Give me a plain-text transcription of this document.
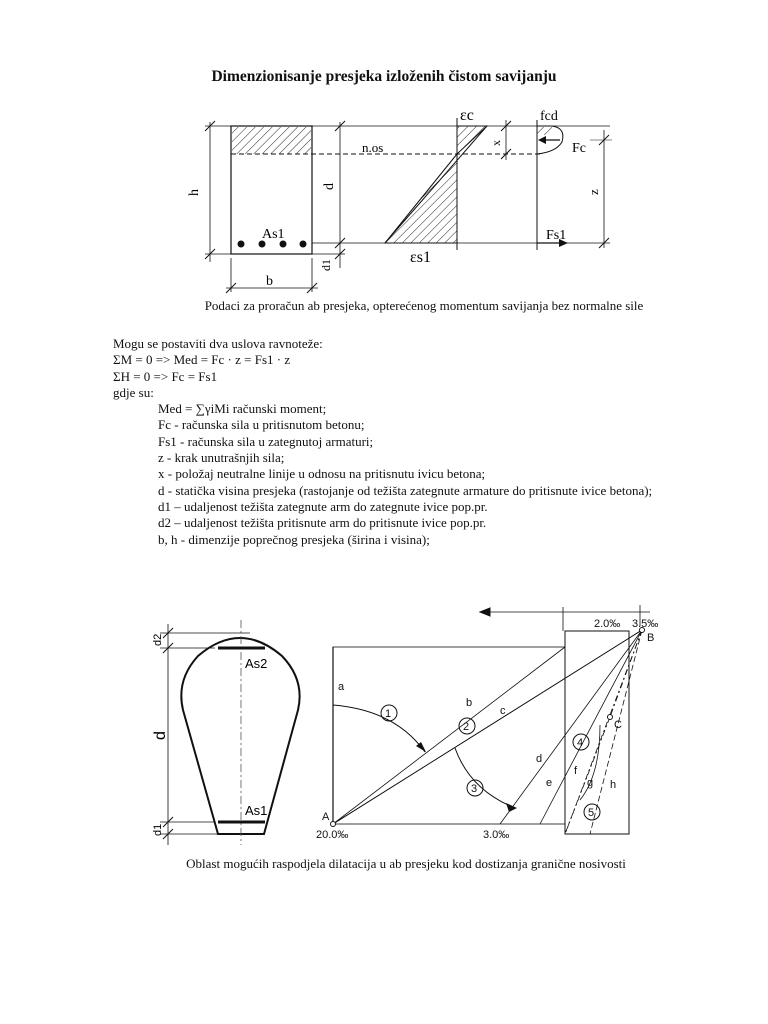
Dimenzionisanje presjeka izloženih čistom savijanju
h
d
d1
b
As1
n.os
εc
εs1
x
fcd
Fc
Fs1
z
Podaci za proračun ab presjeka, opterećenog momentum savijanja bez normalne sile
Mogu se postaviti dva uslova ravnoteže:
ΣM = 0 => Med = Fc · z = Fs1 · z
ΣH = 0 => Fc = Fs1
gdje su:
Med = ∑γiMi računski moment;
Fc - računska sila u pritisnutom betonu;
Fs1 - računska sila u zategnutoj armaturi;
z - krak unutrašnjih sila;
x - položaj neutralne linije u odnosu na pritisnutu ivicu betona;
d - statička visina presjeka (rastojanje od težišta zategnute armature do pritisnute ivice betona);
d1 – udaljenost težišta zategnute arm do zategnute ivice pop.pr.
d2 – udaljenost težišta pritisnute arm do pritisnute ivice pop.pr.
b, h - dimenzije poprečnog presjeka (širina i visina);
d
d2
d1
As2
As1
1
2
3
4
5
a
b
c
d
e
f
g h
2.0‰ 3.5‰
B
C
A
20.0‰	3.0‰
Oblast mogućih raspodjela dilatacija u ab presjeku kod dostizanja granične nosivosti
